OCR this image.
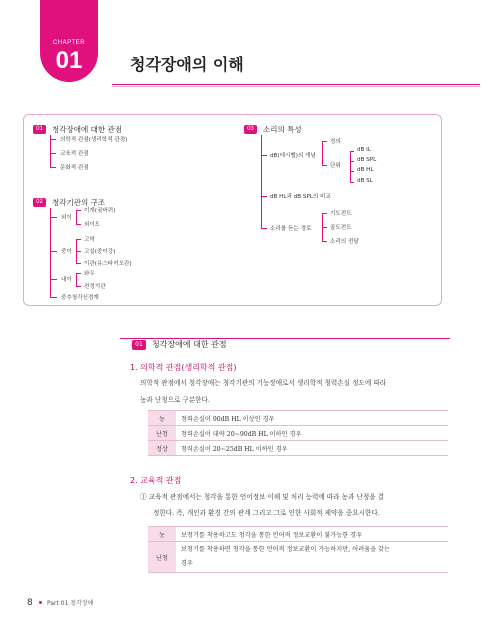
CHAPTER
01	청각장애의 이해
01	청각장애에 대한 관점
의학적 관점(생리학적 관점)
교육적 관점
문화적 관점
02	청각기관의 구조
외이
이개(귓바퀴)
외이도
중이
고막
고실(중이강)
이관(유스타키오관)
내이
와우
전정기관
중추청각신경계
03	소리의 특성
dB(데시벨)의 개념
정의
단위
dB IL
dB SPL
dB HL
dB SL
dB HL과 dB SPL의 비교
소리를 듣는 경로
기도전도
골도전도
소리의 전달
01	청각장애에 대한 관점
1. 의학적 관점(생리학적 관점)
의학적 관점에서 청각장애는 청각기관의 기능장애로서 생리학적 청력손실 정도에 따라
농과 난청으로 구분한다.
농	청력손실이 90dB HL 이상인 경우
난청	청력손실이 대략 20~90dB HL 이하인 경우
정상	청력손실이 20~25dB HL 이하인 경우
2. 교육적 관점
① 교육적 관점에서는 청각을 통한 언어정보 이해 및 처리 능력에 따라 농과 난청을 결
정한다. 즉, 개인과 환경 간의 관계 그리고 그로 인한 사회적 제약을 중요시한다.
농	보청기를 착용하고도 청각을 통한 언어적 정보교환이 불가능한 경우
난청	보청기를 착용하면 청각을 통한 언어적 정보교환이 가능하지만, 어려움을 갖는
경우
8 Part 01 청각장애
